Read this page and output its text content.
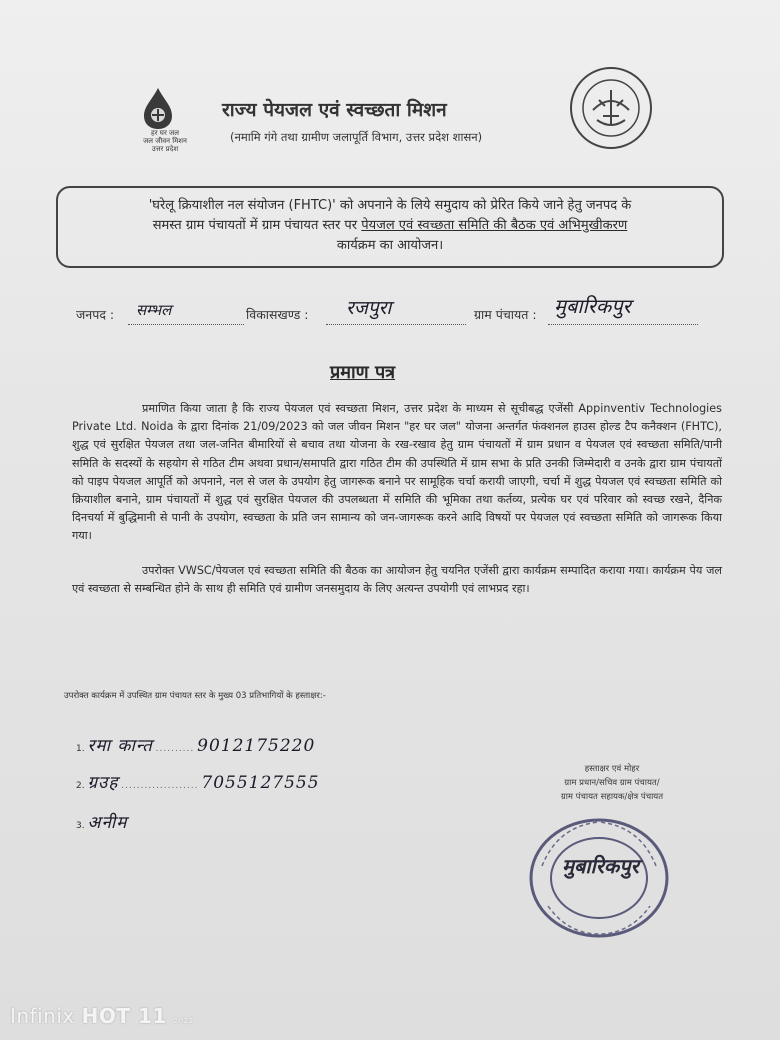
हर घर जल
जल जीवन मिशन
उत्तर प्रदेश
राज्य पेयजल एवं स्वच्छता मिशन
(नमामि गंगे तथा ग्रामीण जलापूर्ति विभाग, उत्तर प्रदेश शासन)
'घरेलू क्रियाशील नल संयोजन (FHTC)' को अपनाने के लिये समुदाय को प्रेरित किये जाने हेतु जनपद के
समस्त ग्राम पंचायतों में ग्राम पंचायत स्तर पर पेयजल एवं स्वच्छता समिति की बैठक एवं अभिमुखीकरण
कार्यक्रम का आयोजन।
जनपद : सम्भल	विकासखण्ड : रजपुरा	ग्राम पंचायत : मुबारिकपुर
प्रमाण पत्र
प्रमाणित किया जाता है कि राज्य पेयजल एवं स्वच्छता मिशन, उत्तर प्रदेश के माध्यम से सूचीबद्ध एजेंसी Appinventiv Technologies Private Ltd. Noida के द्वारा दिनांक 21/09/2023 को जल जीवन मिशन "हर घर जल" योजना अन्तर्गत फंक्शनल हाउस होल्ड टैप कनैक्शन (FHTC), शुद्ध एवं सुरक्षित पेयजल तथा जल-जनित बीमारियों से बचाव तथा योजना के रख-रखाव हेतु ग्राम पंचायतों में ग्राम प्रधान व पेयजल एवं स्वच्छता समिति/पानी समिति के सदस्यों के सहयोग से गठित टीम अथवा प्रधान/समापति द्वारा गठित टीम की उपस्थिति में ग्राम सभा के प्रति उनकी जिम्मेदारी व उनके द्वारा ग्राम पंचायतों को पाइप पेयजल आपूर्ति को अपनाने, नल से जल के उपयोग हेतु जागरूक बनाने पर सामूहिक चर्चा करायी जाएगी, चर्चा में शुद्ध पेयजल एवं स्वच्छता समिति को क्रियाशील बनाने, ग्राम पंचायतों में शुद्ध एवं सुरक्षित पेयजल की उपलब्धता में समिति की भूमिका तथा कर्तव्य, प्रत्येक घर एवं परिवार को स्वच्छ रखने, दैनिक दिनचर्या में बुद्धिमानी से पानी के उपयोग, स्वच्छता के प्रति जन सामान्य को जन-जागरूक करने आदि विषयों पर पेयजल एवं स्वच्छता समिति को जागरूक किया गया।
उपरोक्त VWSC/पेयजल एवं स्वच्छता समिति की बैठक का आयोजन हेतु चयनित एजेंसी द्वारा कार्यक्रम सम्पादित कराया गया। कार्यक्रम पेय जल एवं स्वच्छता से सम्बन्धित होने के साथ ही समिति एवं ग्रामीण जनसमुदाय के लिए अत्यन्त उपयोगी एवं लाभप्रद रहा।
उपरोक्त कार्यक्रम में उपस्थित ग्राम पंचायत स्तर के मुख्य 03 प्रतिभागियों के हस्ताक्षर:-
1. रमा कान्त .......... 9012175220
2. ग्रउह .................... 7055127555
3. अनीम
हस्ताक्षर एवं मोहर
ग्राम प्रधान/सचिव ग्राम पंचायत/
ग्राम पंचायत सहायक/क्षेत्र पंचायत
मुबारिकपुर
Infinix HOT 11 2022
